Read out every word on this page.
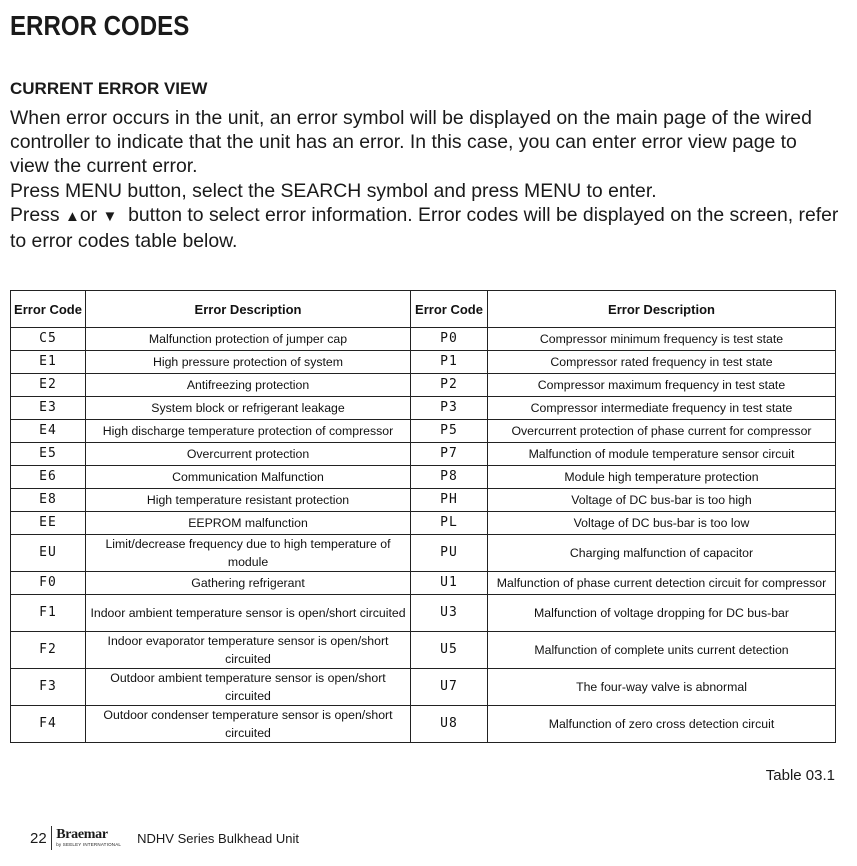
ERROR CODES
CURRENT ERROR VIEW

When error occurs in the unit, an error symbol will be displayed on the main page of the wired controller to indicate that the unit has an error. In this case, you can enter error view page to view the current error.

Press MENU button, select the SEARCH symbol and press MENU to enter.

Press ▲or ▼ button to select error information. Error codes will be displayed on the screen, refer to error codes table below.

Error Code	Error Description	Error Code	Error Description
C5	Malfunction protection of jumper cap	P0	Compressor minimum frequency is test state
E1	High pressure protection of system	P1	Compressor rated frequency in test state
E2	Antifreezing protection	P2	Compressor maximum frequency in test state
E3	System block or refrigerant leakage	P3	Compressor intermediate frequency in test state
E4	High discharge temperature protection of compressor	P5	Overcurrent protection of phase current for compressor
E5	Overcurrent protection	P7	Malfunction of module temperature sensor circuit
E6	Communication Malfunction	P8	Module high temperature protection
E8	High temperature resistant protection	PH	Voltage of DC bus-bar is too high
EE	EEPROM malfunction	PL	Voltage of DC bus-bar is too low
EU	Limit/decrease frequency due to high temperature of module	PU	Charging malfunction of capacitor
F0	Gathering refrigerant	U1	Malfunction of phase current detection circuit for compressor
F1	Indoor ambient temperature sensor is open/short circuited	U3	Malfunction of voltage dropping for DC bus-bar
F2	Indoor evaporator temperature sensor is open/short circuited	U5	Malfunction of complete units current detection
F3	Outdoor ambient temperature sensor is open/short circuited	U7	The four-way valve is abnormal
F4	Outdoor condenser temperature sensor is open/short circuited	U8	Malfunction of zero cross detection circuit
Table 03.1
22 Braemar
by SEELEY INTERNATIONAL NDHV Series Bulkhead Unit
